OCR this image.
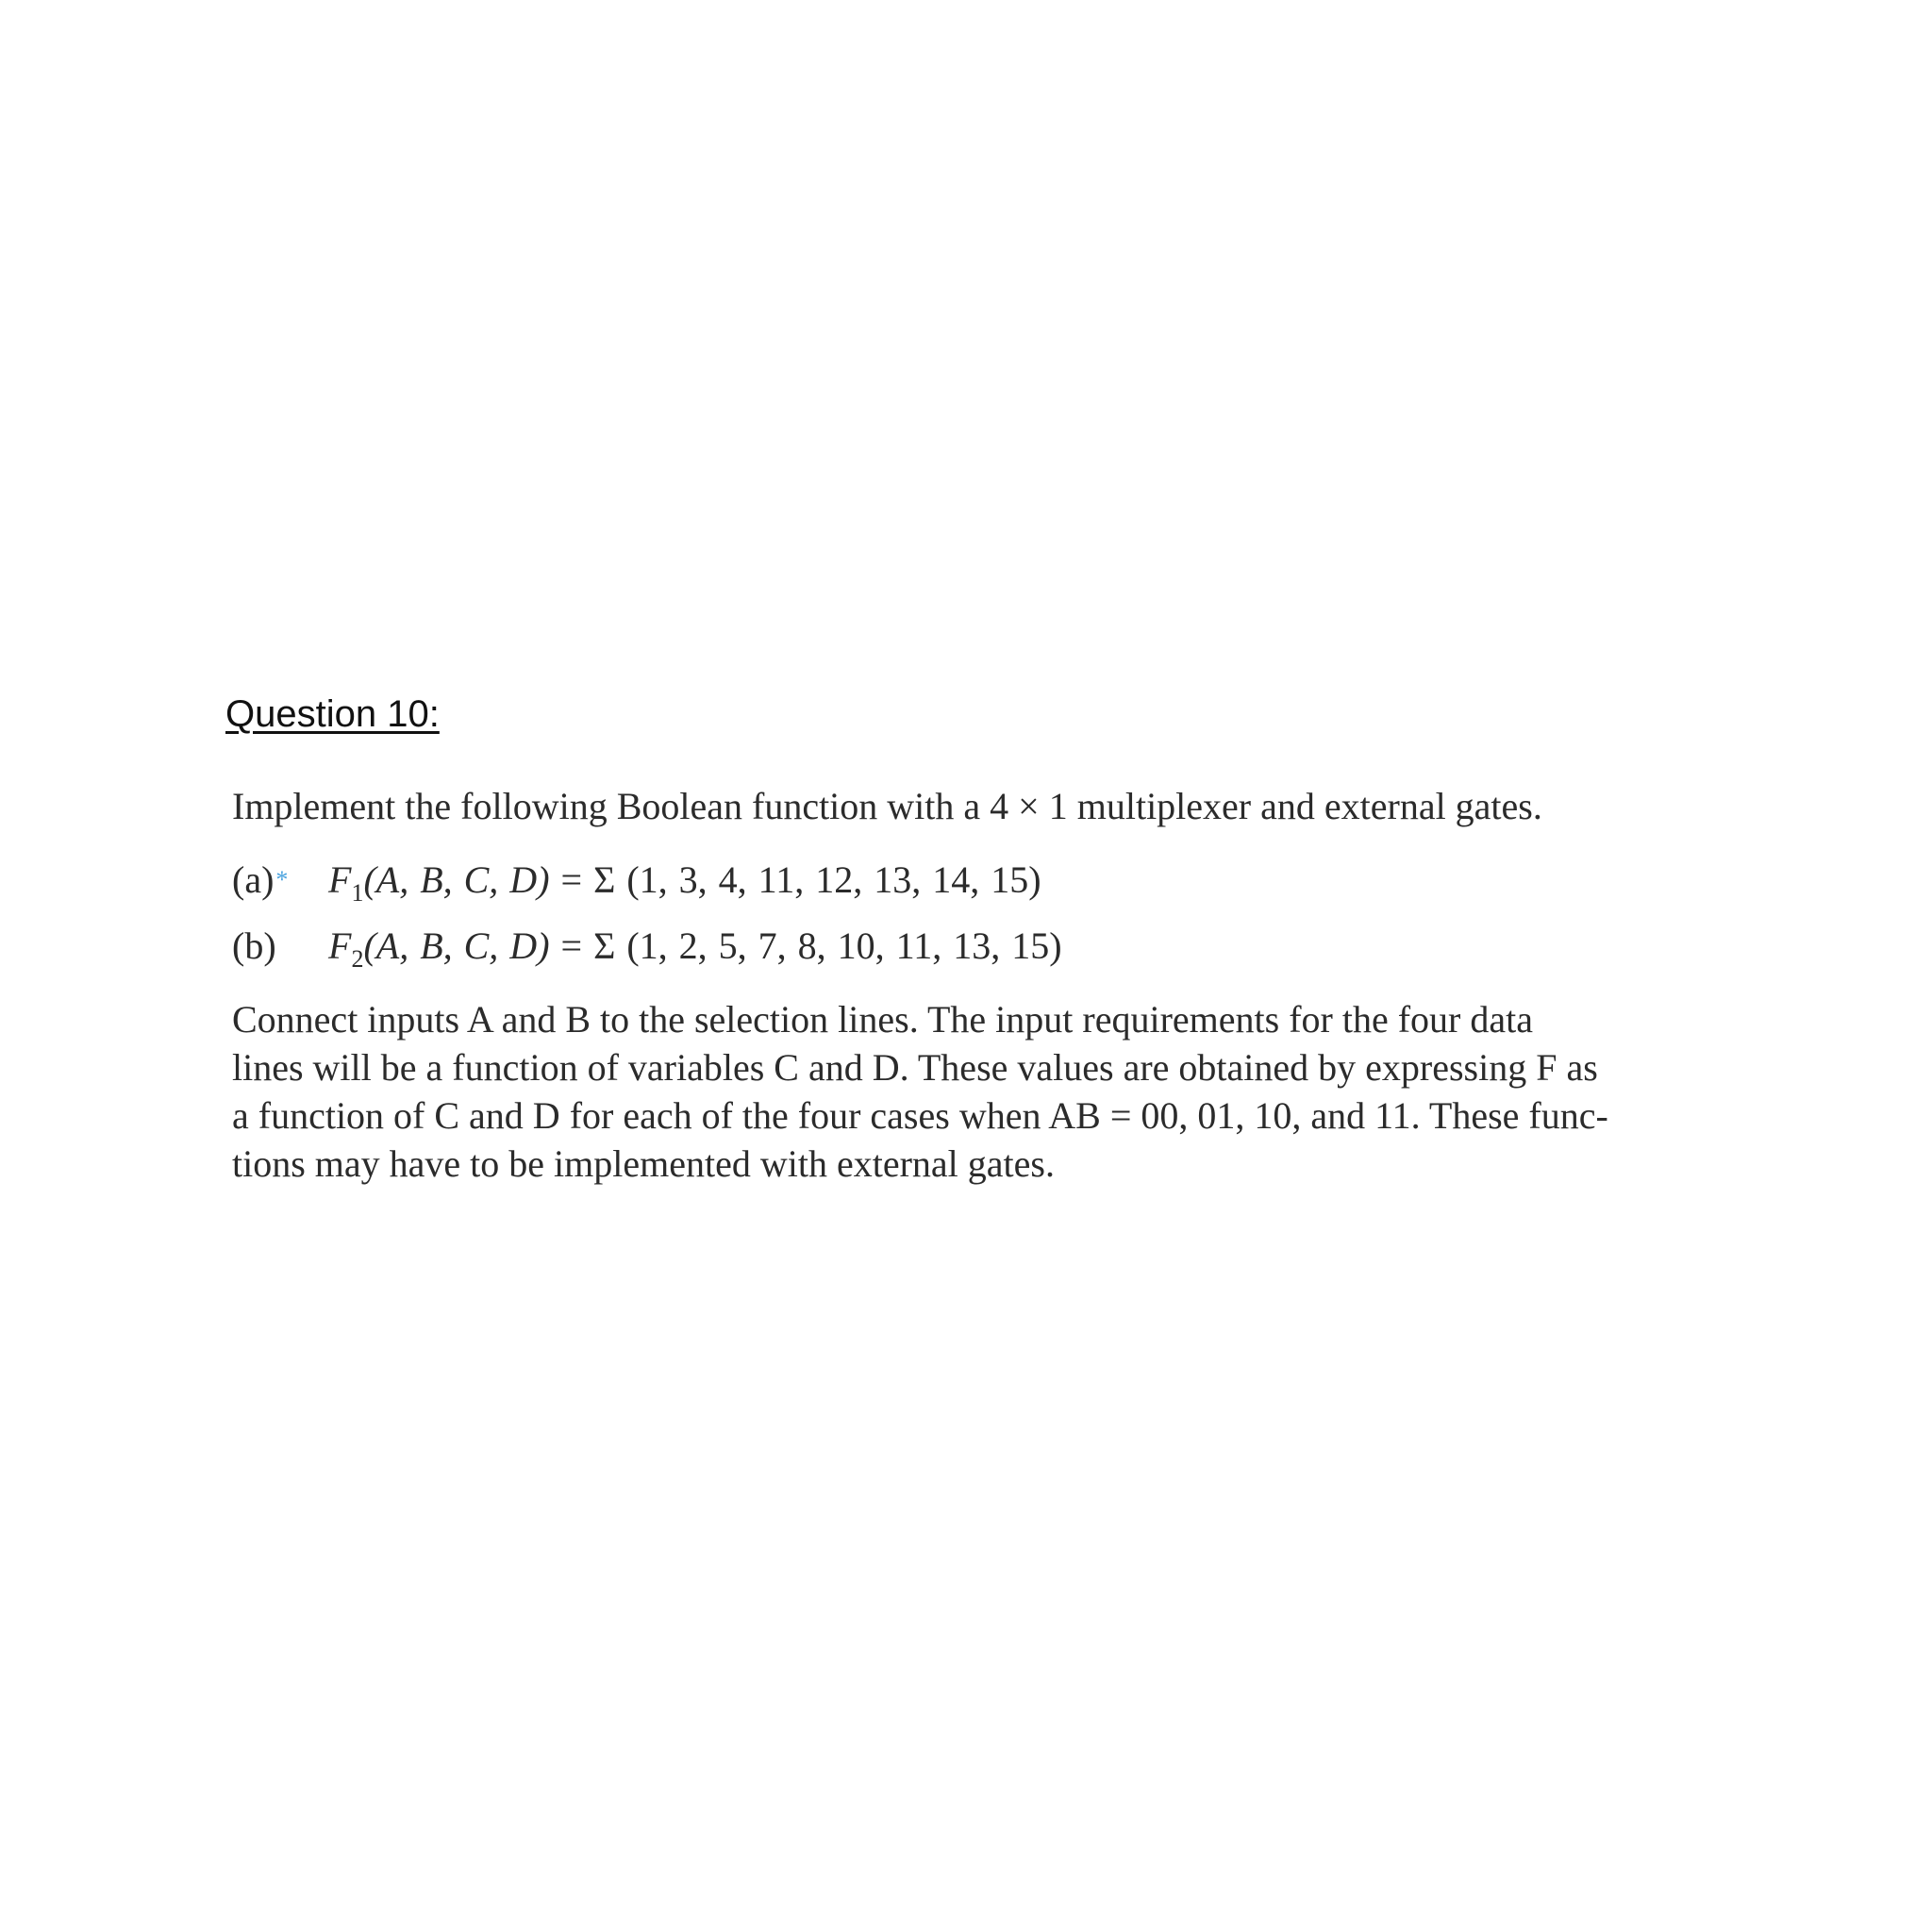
Question 10:
Implement the following Boolean function with a 4 × 1 multiplexer and external gates.
(a)* $F_1(A$, B, C, D) = Σ (1, 3, 4, 11, 12, 13, 14, 15)
(b) $F_2(A$, B, C, D) = Σ (1, 2, 5, 7, 8, 10, 11, 13, 15)
Connect inputs A and B to the selection lines. The input requirements for the four data
lines will be a function of variables C and D. These values are obtained by expressing F as
a function of C and D for each of the four cases when AB = 00, 01, 10, and 11. These func-
tions may have to be implemented with external gates.
